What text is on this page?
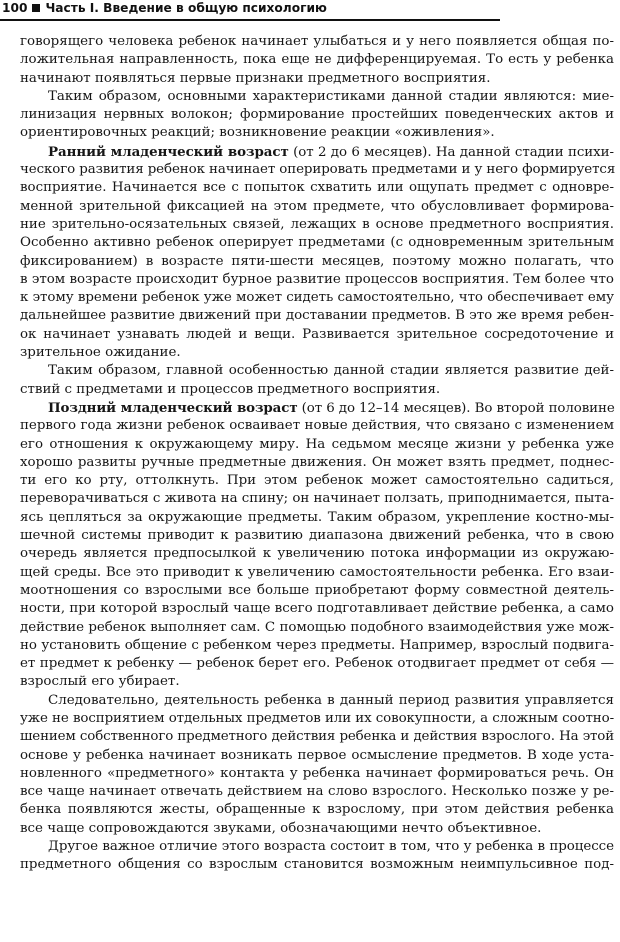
100 Часть I. Введение в общую психологию
говорящего человека ребенок начинает улыбаться и у него появляется общая по-
ложительная направленность, пока еще не дифференцируемая. То есть у ребенка
начинают появляться первые признаки предметного восприятия.
Таким образом, основными характеристиками данной стадии являются: мие-
линизация нервных волокон; формирование простейших поведенческих актов и
ориентировочных реакций; возникновение реакции «оживления».
Ранний младенческий возраст (от 2 до 6 месяцев). На данной стадии психи-
ческого развития ребенок начинает оперировать предметами и у него формируется
восприятие. Начинается все с попыток схватить или ощупать предмет с одновре-
менной зрительной фиксацией на этом предмете, что обусловливает формирова-
ние зрительно-осязательных связей, лежащих в основе предметного восприятия.
Особенно активно ребенок оперирует предметами (с одновременным зрительным
фиксированием) в возрасте пяти-шести месяцев, поэтому можно полагать, что
в этом возрасте происходит бурное развитие процессов восприятия. Тем более что
к этому времени ребенок уже может сидеть самостоятельно, что обеспечивает ему
дальнейшее развитие движений при доставании предметов. В это же время ребен-
ок начинает узнавать людей и вещи. Развивается зрительное сосредоточение и
зрительное ожидание.
Таким образом, главной особенностью данной стадии является развитие дей-
ствий с предметами и процессов предметного восприятия.
Поздний младенческий возраст (от 6 до 12–14 месяцев). Во второй половине
первого года жизни ребенок осваивает новые действия, что связано с изменением
его отношения к окружающему миру. На седьмом месяце жизни у ребенка уже
хорошо развиты ручные предметные движения. Он может взять предмет, поднес-
ти его ко рту, оттолкнуть. При этом ребенок может самостоятельно садиться,
переворачиваться с живота на спину; он начинает ползать, приподнимается, пыта-
ясь цепляться за окружающие предметы. Таким образом, укрепление костно-мы-
шечной системы приводит к развитию диапазона движений ребенка, что в свою
очередь является предпосылкой к увеличению потока информации из окружаю-
щей среды. Все это приводит к увеличению самостоятельности ребенка. Его взаи-
моотношения со взрослыми все больше приобретают форму совместной деятель-
ности, при которой взрослый чаще всего подготавливает действие ребенка, а само
действие ребенок выполняет сам. С помощью подобного взаимодействия уже мож-
но установить общение с ребенком через предметы. Например, взрослый подвига-
ет предмет к ребенку — ребенок берет его. Ребенок отодвигает предмет от себя —
взрослый его убирает.
Следовательно, деятельность ребенка в данный период развития управляется
уже не восприятием отдельных предметов или их совокупности, а сложным соотно-
шением собственного предметного действия ребенка и действия взрослого. На этой
основе у ребенка начинает возникать первое осмысление предметов. В ходе уста-
новленного «предметного» контакта у ребенка начинает формироваться речь. Он
все чаще начинает отвечать действием на слово взрослого. Несколько позже у ре-
бенка появляются жесты, обращенные к взрослому, при этом действия ребенка
все чаще сопровождаются звуками, обозначающими нечто объективное.
Другое важное отличие этого возраста состоит в том, что у ребенка в процессе
предметного общения со взрослым становится возможным неимпульсивное под-
